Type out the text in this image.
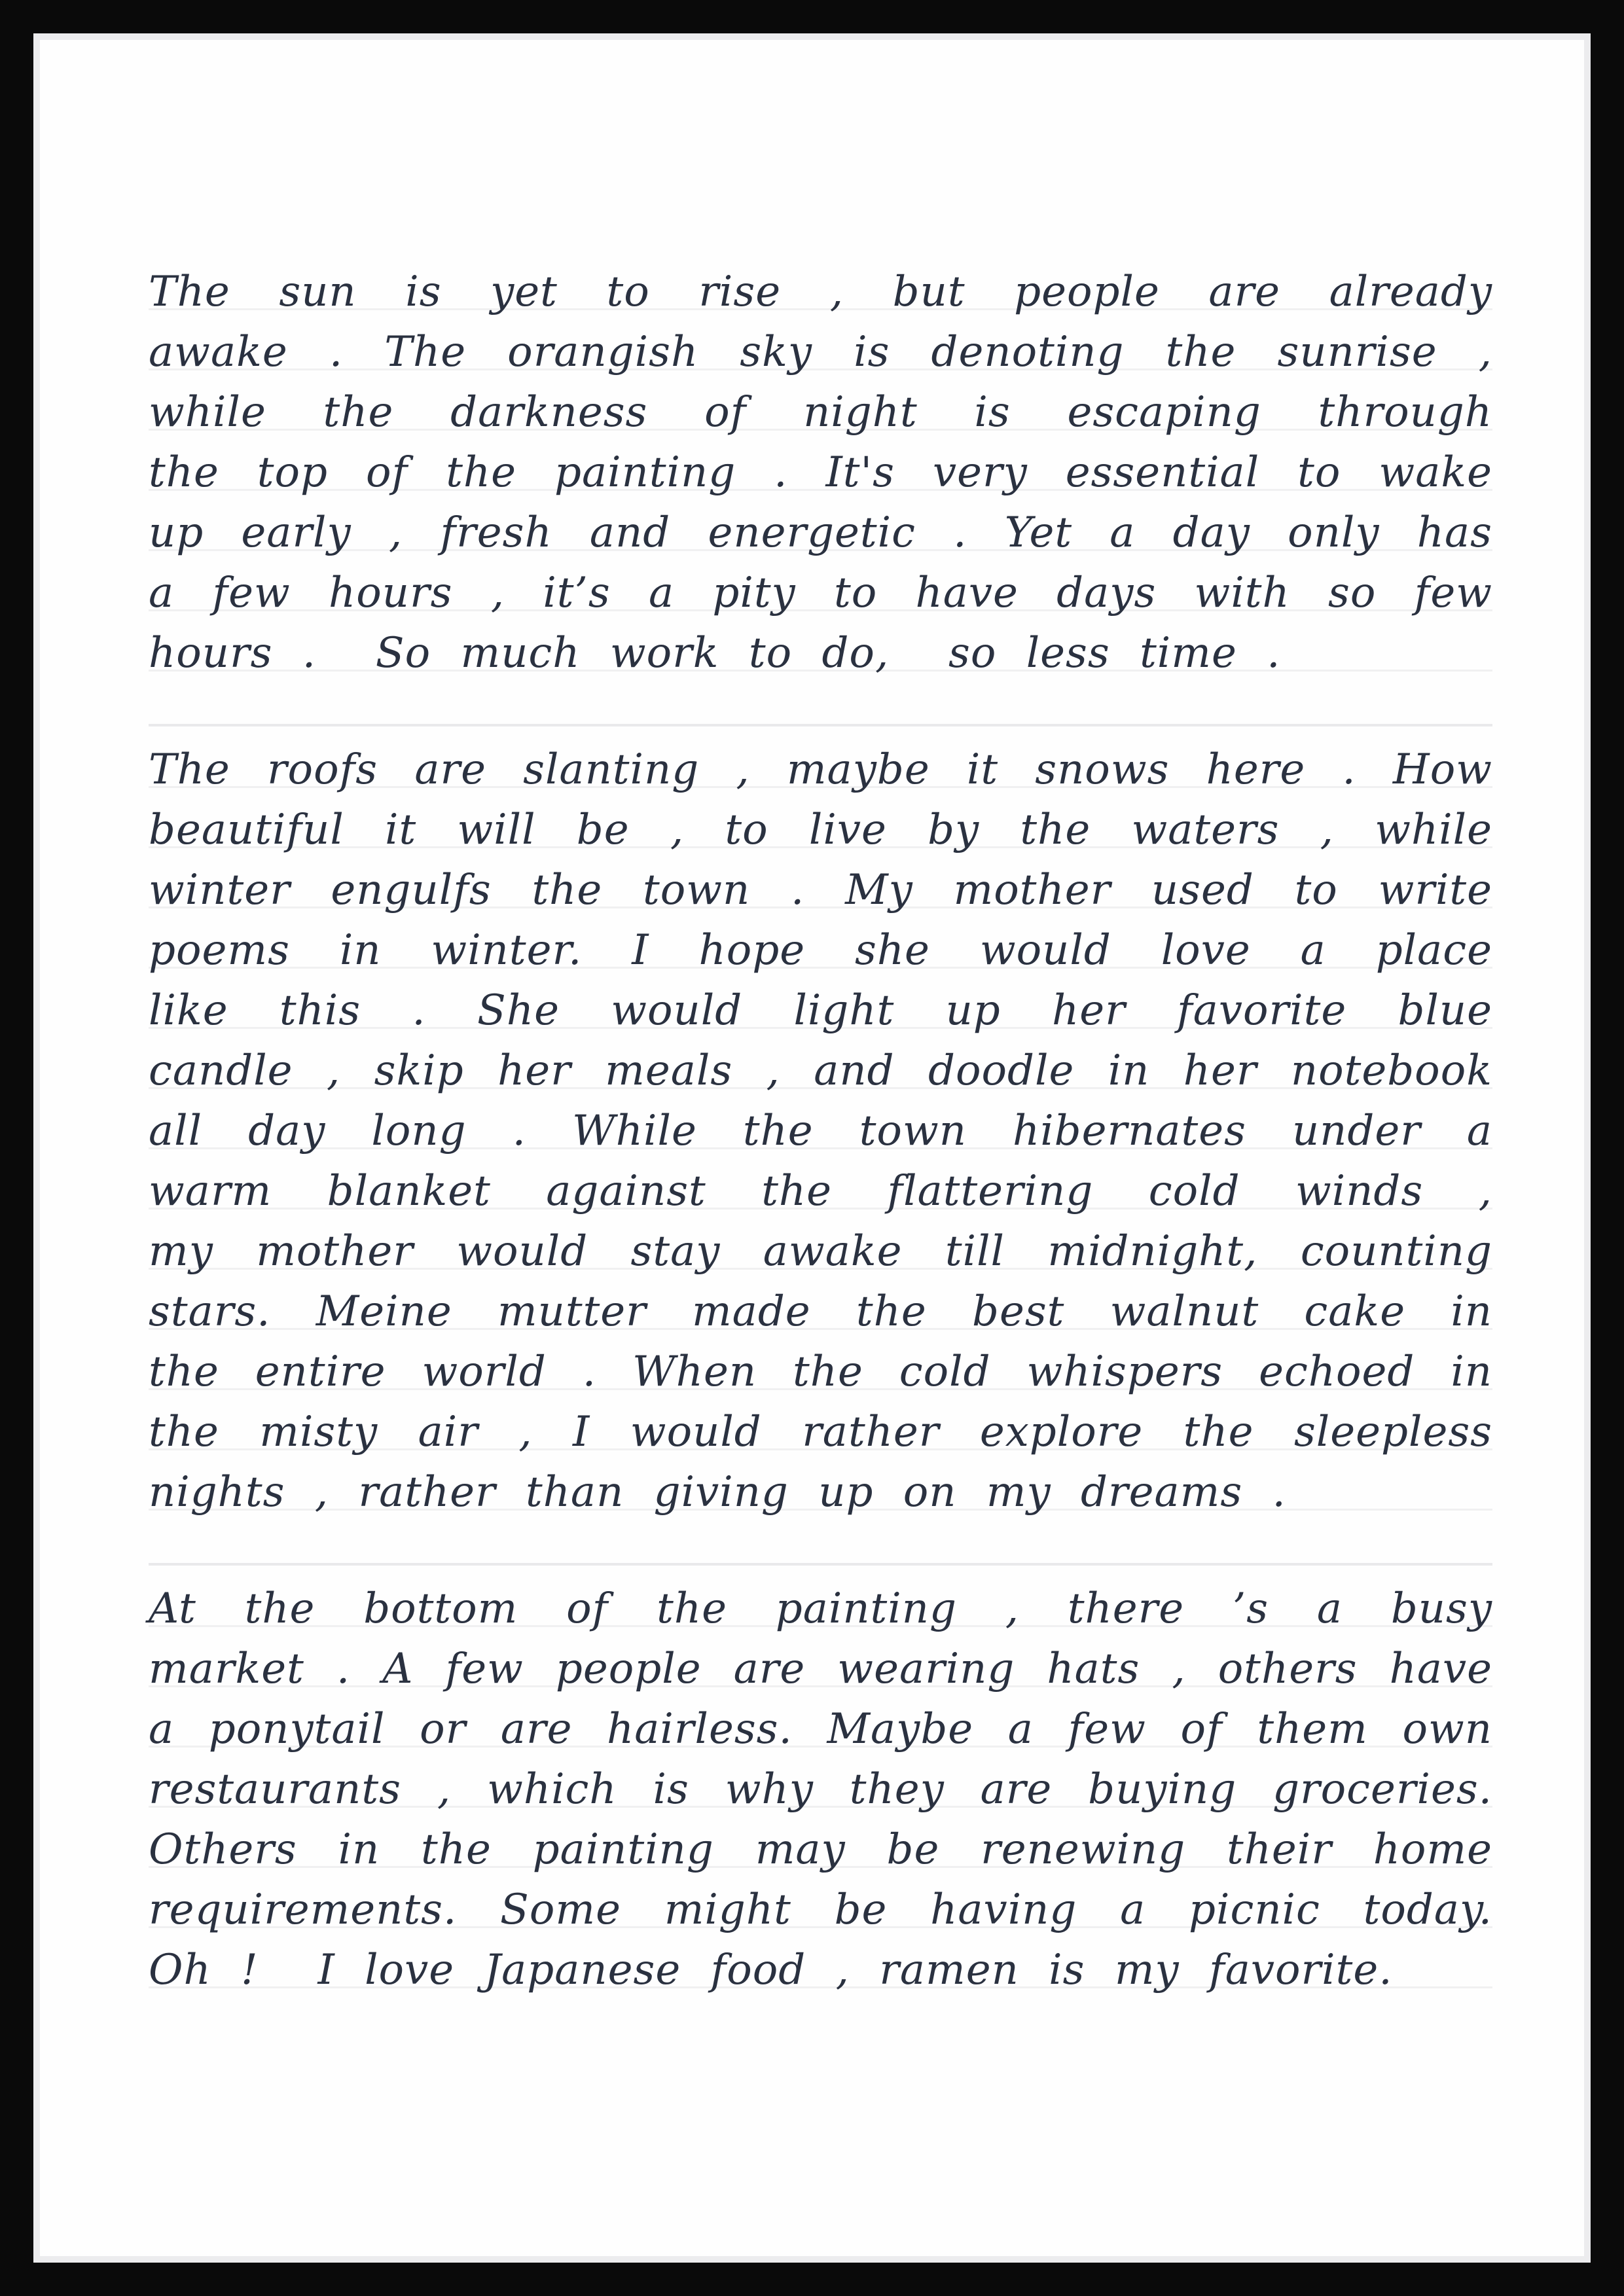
The sun is yet to rise , but people are already
awake . The orangish sky is denoting the sunrise ,
while the darkness of night is escaping through
the top of the painting . It's very essential to wake
up early , fresh and energetic . Yet a day only has
a few hours , it’s a pity to have days with so few
hours .  So much work to do,  so less time .
The roofs are slanting , maybe it snows here . How
beautiful it will be , to live by the waters , while
winter engulfs the town . My mother used to write
poems in winter. I hope she would love a place
like this . She would light up her favorite blue
candle , skip her meals , and doodle in her notebook
all day long . While the town hibernates under a
warm blanket against the flattering cold winds ,
my mother would stay awake till midnight, counting
stars. Meine mutter made the best walnut cake in
the entire world . When the cold whispers echoed in
the misty air , I would rather explore the sleepless
nights , rather than giving up on my dreams .
At the bottom of the painting , there ’s a busy
market . A few people are wearing hats , others have
a ponytail or are hairless. Maybe a few of them own
restaurants , which is why they are buying groceries.
Others in the painting may be renewing their home
requirements. Some might be having a picnic today.
Oh !  I love Japanese food , ramen is my favorite.
